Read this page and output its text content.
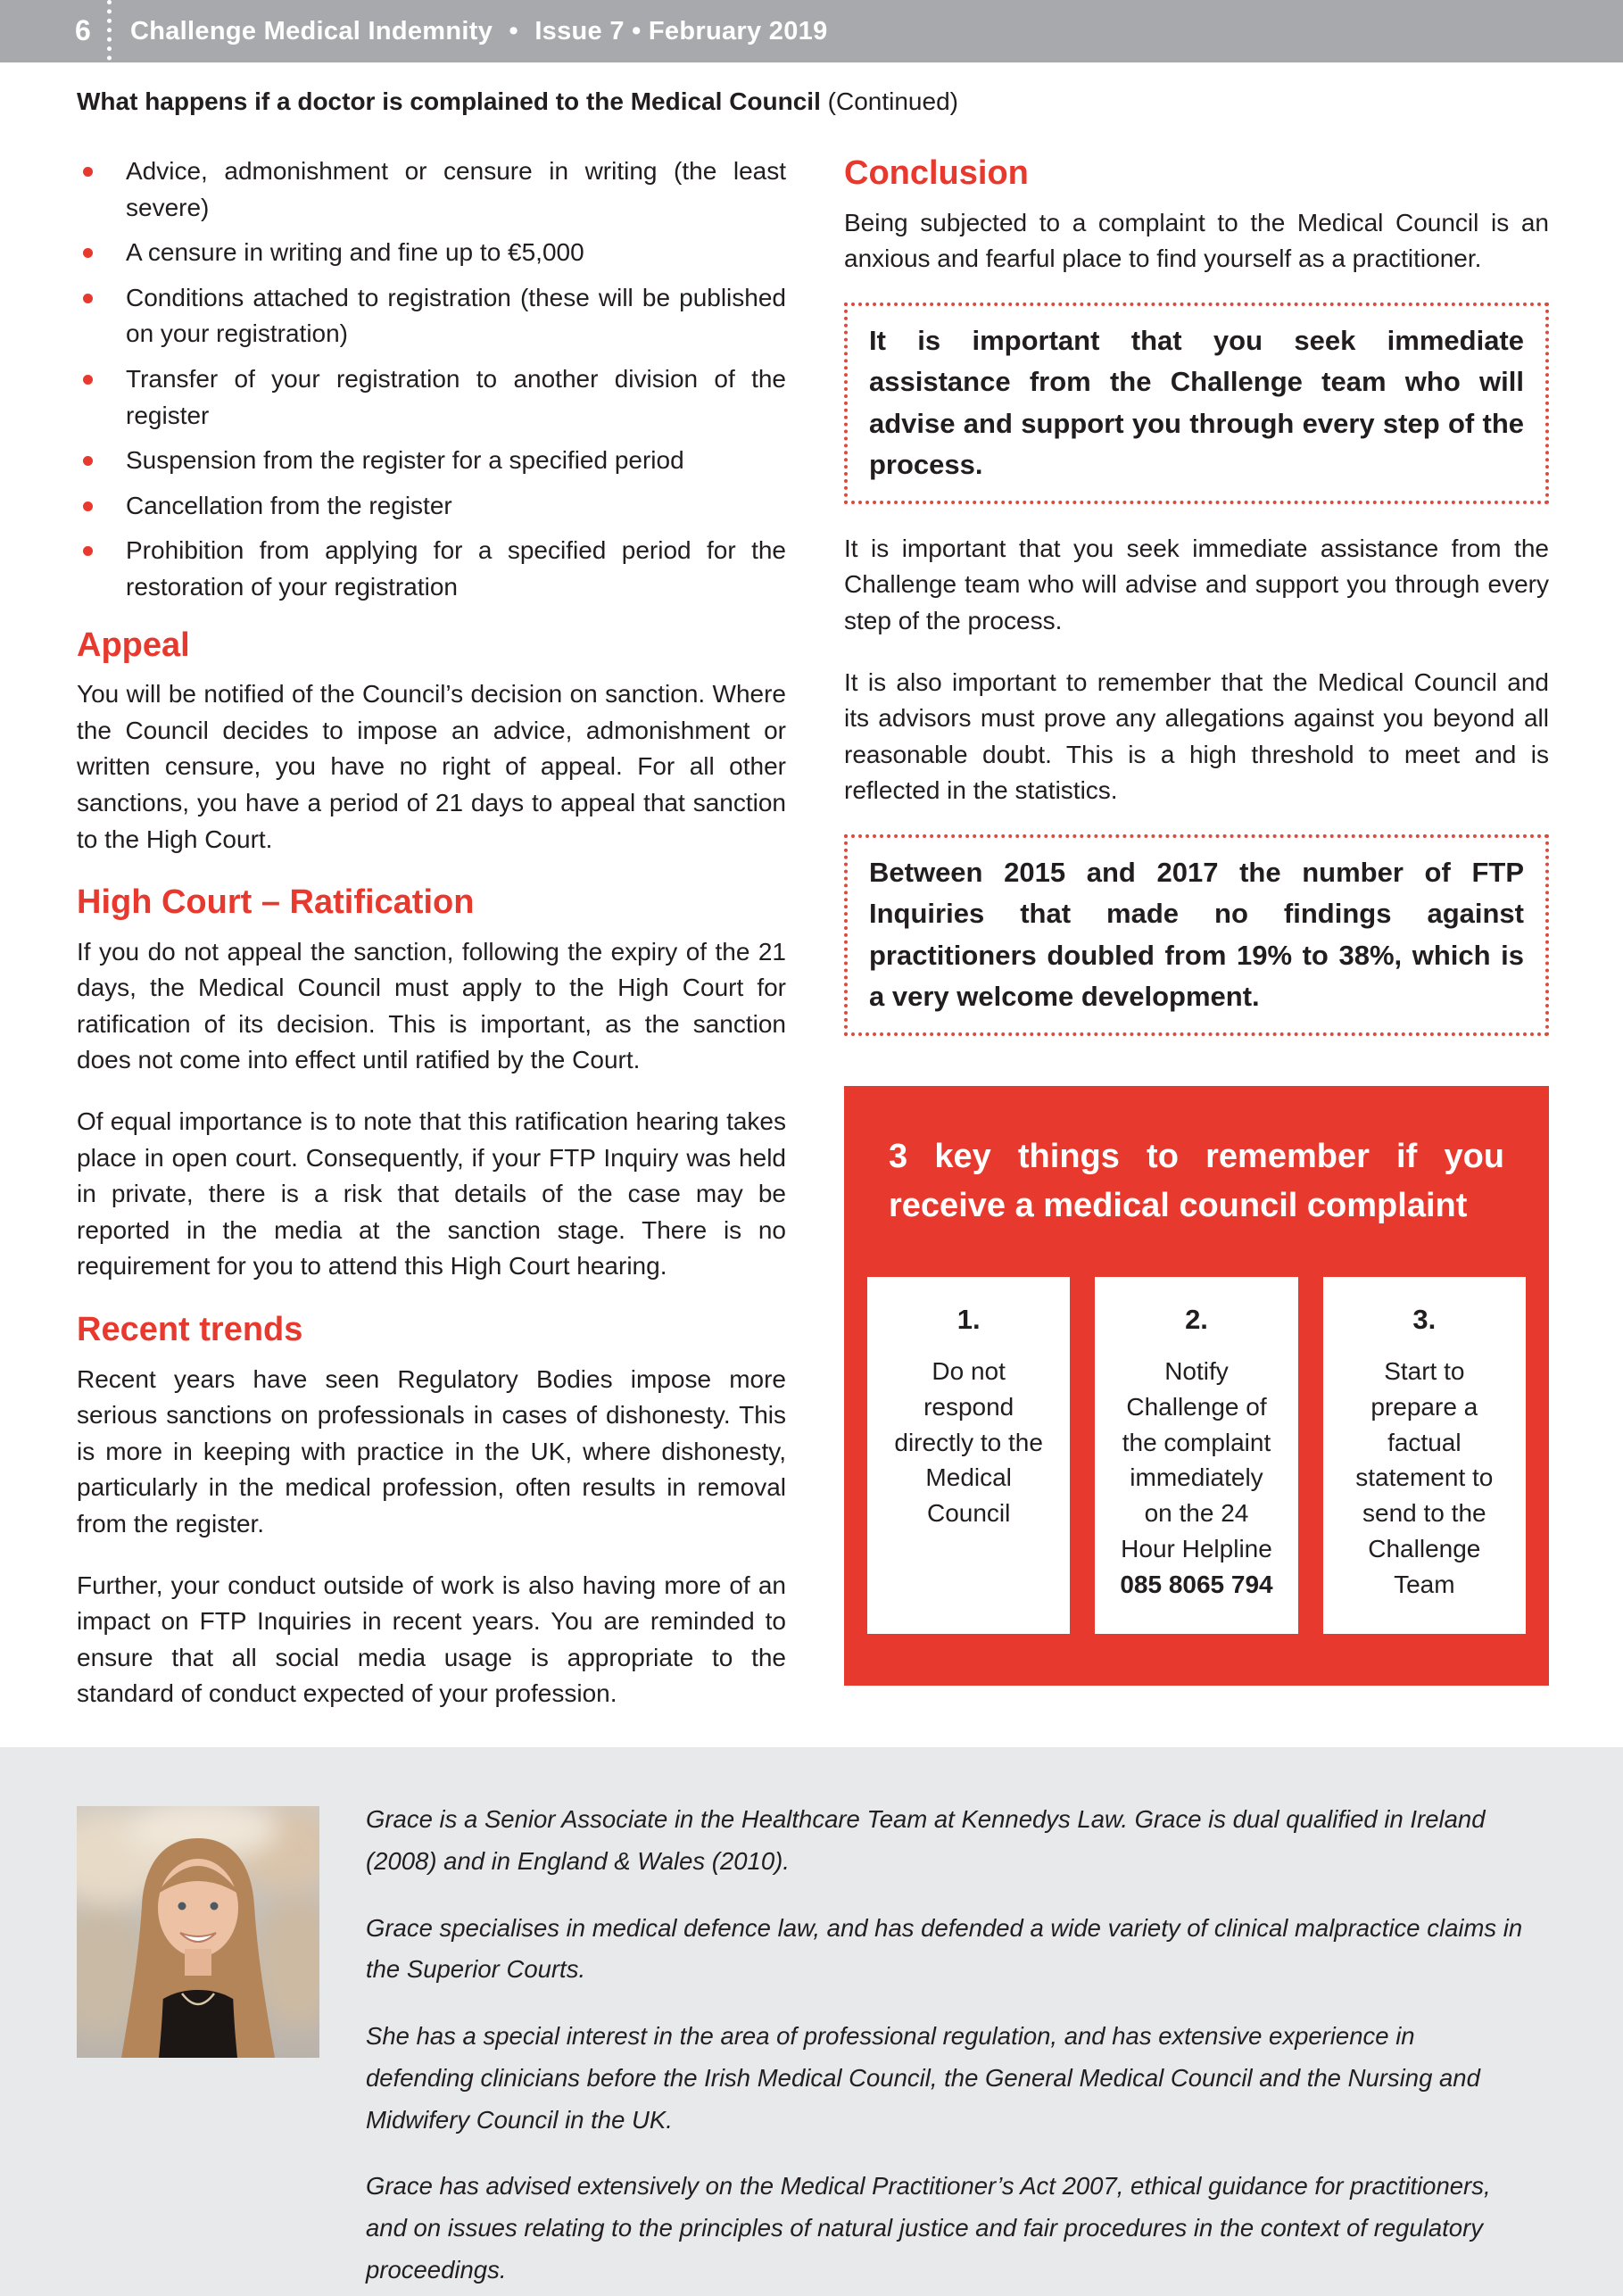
6 Challenge Medical Indemnity • Issue 7 • February 2019
What happens if a doctor is complained to the Medical Council (Continued)
Advice, admonishment or censure in writing (the least severe)
A censure in writing and fine up to €5,000
Conditions attached to registration (these will be published on your registration)
Transfer of your registration to another division of the register
Suspension from the register for a specified period
Cancellation from the register
Prohibition from applying for a specified period for the restoration of your registration
Appeal

You will be notified of the Council’s decision on sanction. Where the Council decides to impose an advice, admonishment or written censure, you have no right of appeal. For all other sanctions, you have a period of 21 days to appeal that sanction to the High Court.

High Court – Ratification

If you do not appeal the sanction, following the expiry of the 21 days, the Medical Council must apply to the High Court for ratification of its decision. This is important, as the sanction does not come into effect until ratified by the Court.

Of equal importance is to note that this ratification hearing takes place in open court. Consequently, if your FTP Inquiry was held in private, there is a risk that details of the case may be reported in the media at the sanction stage. There is no requirement for you to attend this High Court hearing.

Recent trends

Recent years have seen Regulatory Bodies impose more serious sanctions on professionals in cases of dishonesty. This is more in keeping with practice in the UK, where dishonesty, particularly in the medical profession, often results in removal from the register.

Further, your conduct outside of work is also having more of an impact on FTP Inquiries in recent years. You are reminded to ensure that all social media usage is appropriate to the standard of conduct expected of your profession.

Conclusion

Being subjected to a complaint to the Medical Council is an anxious and fearful place to find yourself as a practitioner.

It is important that you seek immediate assistance from the Challenge team who will advise and support you through every step of the process.

It is important that you seek immediate assistance from the Challenge team who will advise and support you through every step of the process.

It is also important to remember that the Medical Council and its advisors must prove any allegations against you beyond all reasonable doubt. This is a high threshold to meet and is reflected in the statistics.

Between 2015 and 2017 the number of FTP Inquiries that made no findings against practitioners doubled from 19% to 38%, which is a very welcome development.

3 key things to remember if you receive a medical council complaint
1.
Do not respond directly to the Medical Council
2.
Notify Challenge of the complaint immediately on the 24 Hour Helpline
085 8065 794
3.
Start to prepare a factual statement to send to the Challenge Team

Grace is a Senior Associate in the Healthcare Team at Kennedys Law. Grace is dual qualified in Ireland (2008) and in England & Wales (2010).

Grace specialises in medical defence law, and has defended a wide variety of clinical malpractice claims in the Superior Courts.

She has a special interest in the area of professional regulation, and has extensive experience in defending clinicians before the Irish Medical Council, the General Medical Council and the Nursing and Midwifery Council in the UK.

Grace has advised extensively on the Medical Practitioner’s Act 2007, ethical guidance for practitioners, and on issues relating to the principles of natural justice and fair procedures in the context of regulatory proceedings.
